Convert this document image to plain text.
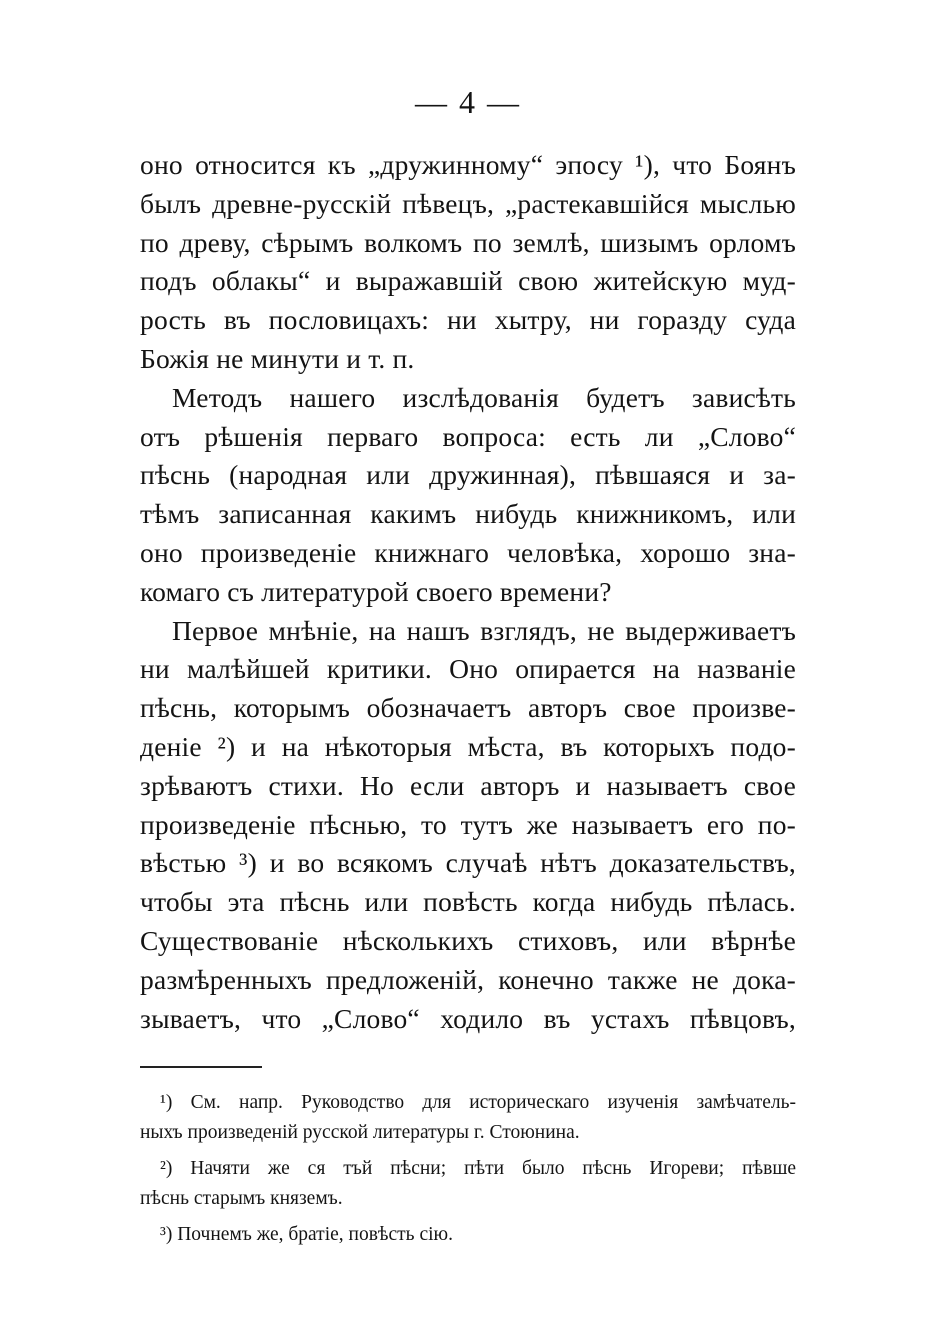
— 4 —
оно относится къ „дружинному“ эпосу ¹), что Боянъ
былъ древне-русскій пѣвецъ, „растекавшійся мыслью
по древу, сѣрымъ волкомъ по землѣ, шизымъ орломъ
подъ облакы“ и выражавшій свою житейскую муд-
рость въ пословицахъ: ни хытру, ни горазду суда
Божія не минути и т. п.
Методъ нашего изслѣдованія будетъ зависѣть
отъ рѣшенія перваго вопроса: есть ли „Слово“
пѣснь (народная или дружинная), пѣвшаяся и за-
тѣмъ записанная какимъ нибудь книжникомъ, или
оно произведеніе книжнаго человѣка, хорошо зна-
комаго съ литературой своего времени?
Первое мнѣніе, на нашъ взглядъ, не выдерживаетъ
ни малѣйшей критики. Оно опирается на названіе
пѣснь, которымъ обозначаетъ авторъ свое произве-
деніе ²) и на нѣкоторыя мѣста, въ которыхъ подо-
зрѣваютъ стихи. Но если авторъ и называетъ свое
произведеніе пѣснью, то тутъ же называетъ его по-
вѣстью ³) и во всякомъ случаѣ нѣтъ доказательствъ,
чтобы эта пѣснь или повѣсть когда нибудь пѣлась.
Существованіе нѣсколькихъ стиховъ, или вѣрнѣе
размѣренныхъ предложеній, конечно также не дока-
зываетъ, что „Слово“ ходило въ устахъ пѣвцовъ,
¹) См. напр. Руководство для историческаго изученія замѣчатель-
ныхъ произведеній русской литературы г. Стоюнина.
²) Начяти же ся тъй пѣсни; пѣти было пѣснь Игореви; пѣвше
пѣснь старымъ княземъ.
³) Почнемъ же, братіе, повѣсть сію.
